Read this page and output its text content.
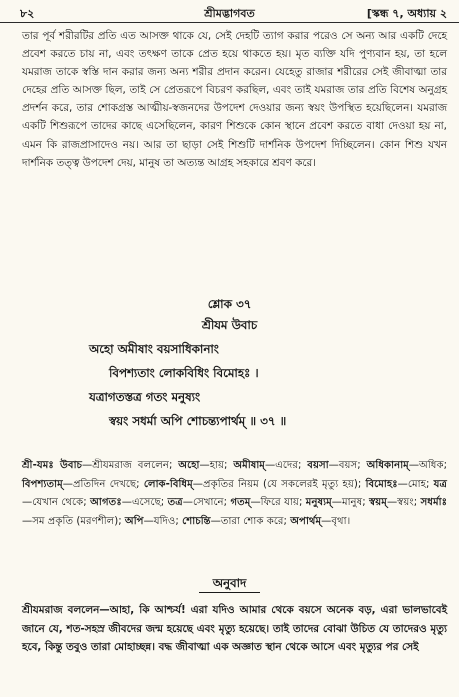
৮২	শ্রীমদ্ভাগবত	[স্কন্ধ ৭, অধ্যায় ২

তার পূর্ব শরীরটির প্রতি এত আসক্ত থাকে যে, সেই দেহটি ত্যাগ করার পরেও সে অন্য আর একটি দেহে প্রবেশ করতে চায় না, এবং তৎক্ষণ তাকে প্রেত হয়ে থাকতে হয়। মৃত ব্যক্তি যদি পুণ্যবান হয়, তা হলে যমরাজ তাকে স্বস্তি দান করার জন্য অন্য শরীর প্রদান করেন। যেহেতু রাজার শরীরের সেই জীবাত্মা তার দেহের প্রতি আসক্ত ছিল, তাই সে প্রেতরূপে বিচরণ করছিল, এবং তাই যমরাজ তার প্রতি বিশেষ অনুগ্রহ প্রদর্শন করে, তার শোকগ্রস্ত আত্মীয়-স্বজনদের উপদেশ দেওয়ার জন্য স্বয়ং উপস্থিত হয়েছিলেন। যমরাজ একটি শিশুরূপে তাদের কাছে এসেছিলেন, কারণ শিশুকে কোন স্থানে প্রবেশ করতে বাধা দেওয়া হয় না, এমন কি রাজপ্রাসাদেও নয়। আর তা ছাড়া সেই শিশুটি দার্শনিক উপদেশ দিচ্ছিলেন। কোন শিশু যখন দার্শনিক তত্ত্ব উপদেশ দেয়, মানুষ তা অত্যন্ত আগ্রহ সহকারে শ্রবণ করে।

শ্লোক ৩৭
শ্রীযম উবাচ
অহো অমীষাং বয়সাধিকানাং
বিপশ্যতাং লোকবিধিং বিমোহঃ ।
যত্রাগতস্তত্র গতং মনুষ্যং
স্বয়ং সধর্মা অপি শোচন্ত্যপার্থম্ ॥ ৩৭ ॥
শ্রী-যমঃ উবাচ—শ্রীযমরাজ বললেন; অহো—হায়; অমীষাম্—এদের; বয়সা—বয়স; অধিকানাম্—অধিক; বিপশ্যতাম্—প্রতিদিন দেখছে; লোক-বিধিম্—প্রকৃতির নিয়ম (যে সকলেরই মৃত্যু হয়); বিমোহঃ—মোহ; যত্র—যেখান থেকে; আগতঃ—এসেছে; তত্র—সেখানে; গতম্—ফিরে যায়; মনুষ্যম্—মানুষ; স্বয়ম্—স্বয়ং; সধর্মাঃ—সম প্রকৃতি (মরণশীল); অপি—যদিও; শোচন্তি—তারা শোক করে; অপার্থম্—বৃথা।
অনুবাদ
শ্রীযমরাজ বললেন—আহা, কি আশ্চর্য! এরা যদিও আমার থেকে বয়সে অনেক বড়, এরা ভালভাবেই জানে যে, শত-সহস্র জীবদের জন্ম হয়েছে এবং মৃত্যু হয়েছে। তাই তাদের বোঝা উচিত যে তাদেরও মৃত্যু হবে, কিন্তু তবুও তারা মোহাচ্ছন্ন। বদ্ধ জীবাত্মা এক অজ্ঞাত স্থান থেকে আসে এবং মৃত্যুর পর সেই
